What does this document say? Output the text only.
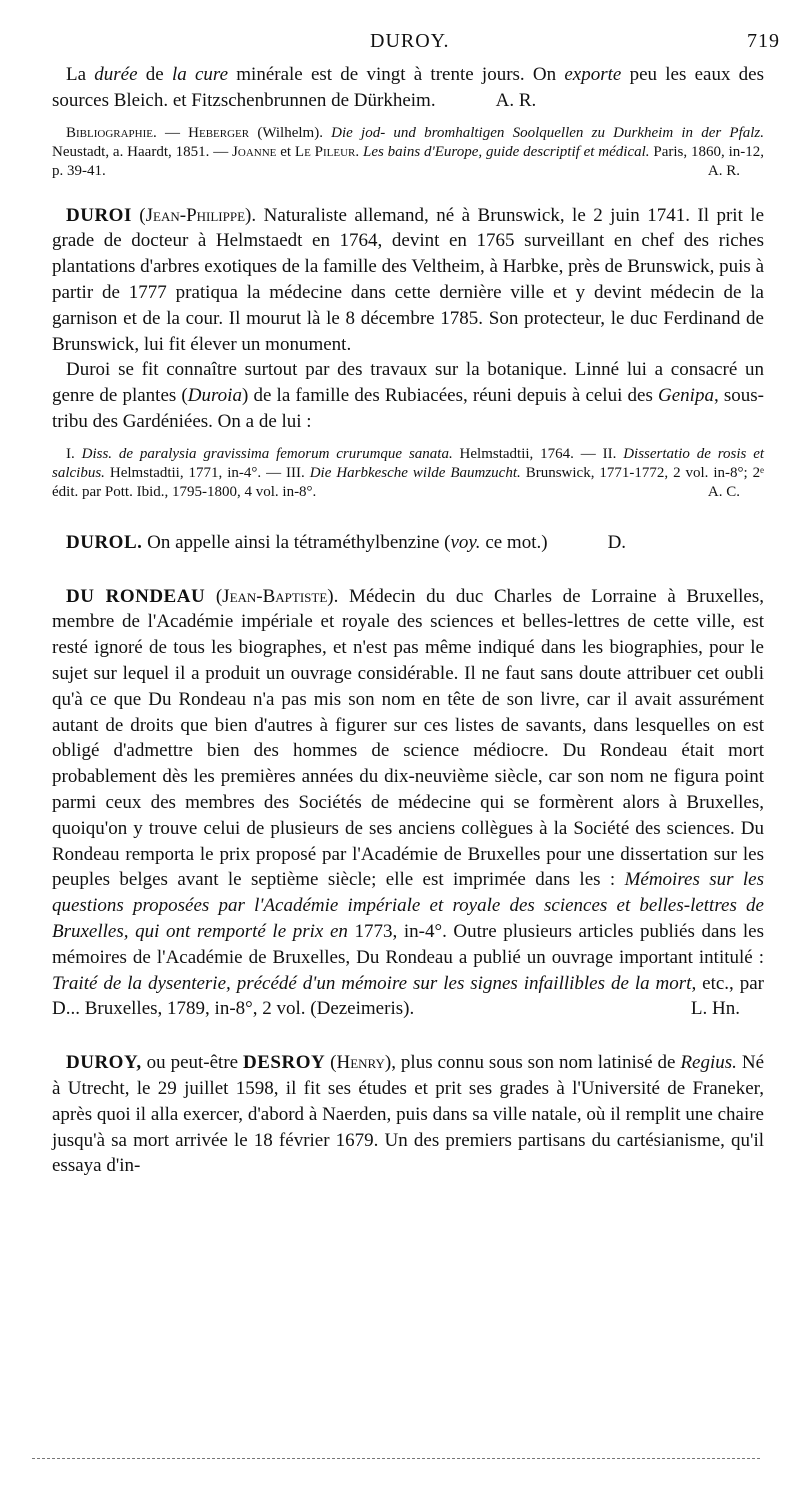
DUROY.	719

La durée de la cure minérale est de vingt à trente jours. On exporte peu les eaux des sources Bleich. et Fitzschenbrunnen de Dürkheim.	A. R.

Bibliographie. — Heberger (Wilhelm). Die jod- und bromhaltigen Soolquellen zu Durkheim in der Pfalz. Neustadt, a. Haardt, 1851. — Joanne et Le Pileur. Les bains d'Europe, guide descriptif et médical. Paris, 1860, in-12, p. 39-41.	A. R.

DUROI (Jean-Philippe). Naturaliste allemand, né à Brunswick, le 2 juin 1741. Il prit le grade de docteur à Helmstaedt en 1764, devint en 1765 surveillant en chef des riches plantations d'arbres exotiques de la famille des Veltheim, à Harbke, près de Brunswick, puis à partir de 1777 pratiqua la médecine dans cette dernière ville et y devint médecin de la garnison et de la cour. Il mourut là le 8 décembre 1785. Son protecteur, le duc Ferdinand de Brunswick, lui fit élever un monument.

Duroi se fit connaître surtout par des travaux sur la botanique. Linné lui a consacré un genre de plantes (Duroia) de la famille des Rubiacées, réuni depuis à celui des Genipa, sous-tribu des Gardéniées. On a de lui :

I. Diss. de paralysia gravissima femorum crurumque sanata. Helmstadtii, 1764. — II. Dissertatio de rosis et salcibus. Helmstadtii, 1771, in-4°. — III. Die Harbkesche wilde Baumzucht. Brunswick, 1771-1772, 2 vol. in-8°; 2ᵉ édit. par Pott. Ibid., 1795-1800, 4 vol. in-8°.	A. C.

DUROL. On appelle ainsi la tétraméthylbenzine (voy. ce mot.)	D.

DU RONDEAU (Jean-Baptiste). Médecin du duc Charles de Lorraine à Bruxelles, membre de l'Académie impériale et royale des sciences et belles-lettres de cette ville, est resté ignoré de tous les biographes, et n'est pas même indiqué dans les biographies, pour le sujet sur lequel il a produit un ouvrage considérable. Il ne faut sans doute attribuer cet oubli qu'à ce que Du Rondeau n'a pas mis son nom en tête de son livre, car il avait assurément autant de droits que bien d'autres à figurer sur ces listes de savants, dans lesquelles on est obligé d'admettre bien des hommes de science médiocre. Du Rondeau était mort probablement dès les premières années du dix-neuvième siècle, car son nom ne figura point parmi ceux des membres des Sociétés de médecine qui se formèrent alors à Bruxelles, quoiqu'on y trouve celui de plusieurs de ses anciens collègues à la Société des sciences. Du Rondeau remporta le prix proposé par l'Académie de Bruxelles pour une dissertation sur les peuples belges avant le septième siècle; elle est imprimée dans les : Mémoires sur les questions proposées par l'Académie impériale et royale des sciences et belles-lettres de Bruxelles, qui ont remporté le prix en 1773, in-4°. Outre plusieurs articles publiés dans les mémoires de l'Académie de Bruxelles, Du Rondeau a publié un ouvrage important intitulé : Traité de la dysenterie, précédé d'un mémoire sur les signes infaillibles de la mort, etc., par D... Bruxelles, 1789, in-8°, 2 vol. (Dezeimeris).	L. Hn.

DUROY, ou peut-être DESROY (Henry), plus connu sous son nom latinisé de Regius. Né à Utrecht, le 29 juillet 1598, il fit ses études et prit ses grades à l'Université de Franeker, après quoi il alla exercer, d'abord à Naerden, puis dans sa ville natale, où il remplit une chaire jusqu'à sa mort arrivée le 18 février 1679. Un des premiers partisans du cartésianisme, qu'il essaya d'in-
